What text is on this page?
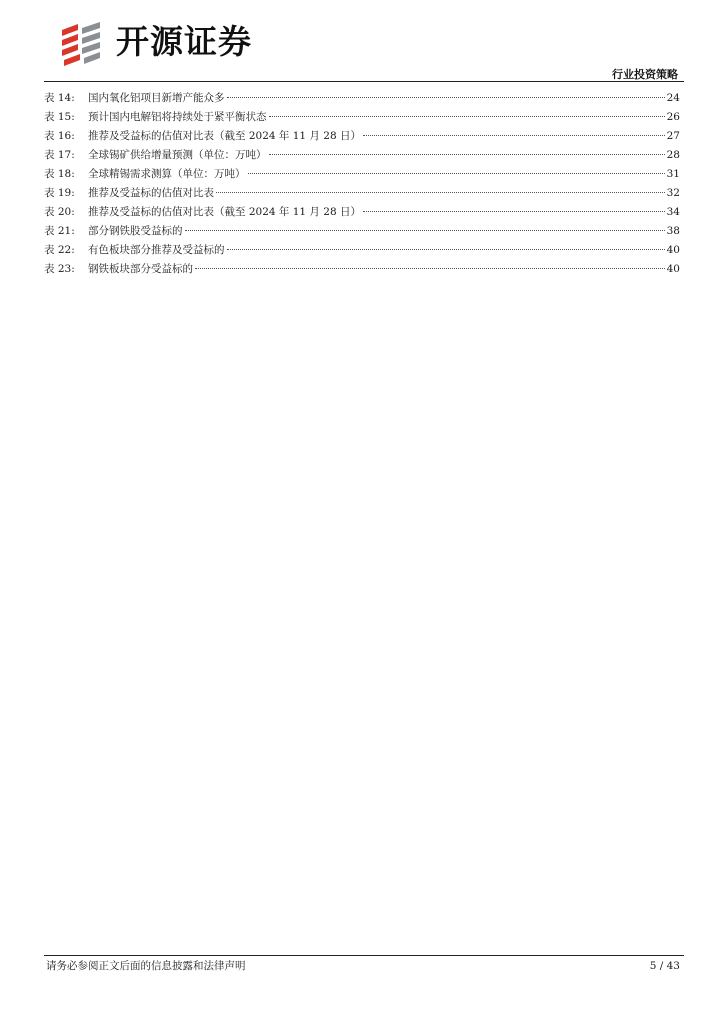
开源证券
行业投资策略
表 14:	国内氧化铝项目新增产能众多	24
表 15:	预计国内电解铝将持续处于紧平衡状态	26
表 16:	推荐及受益标的估值对比表（截至 2024 年 11 月 28 日）	27
表 17:	全球锡矿供给增量预测（单位：万吨）	28
表 18:	全球精锡需求测算（单位：万吨）	31
表 19:	推荐及受益标的估值对比表	32
表 20:	推荐及受益标的估值对比表（截至 2024 年 11 月 28 日）	34
表 21:	部分钢铁股受益标的	38
表 22:	有色板块部分推荐及受益标的	40
表 23:	钢铁板块部分受益标的	40
请务必参阅正文后面的信息披露和法律声明	5 / 43
